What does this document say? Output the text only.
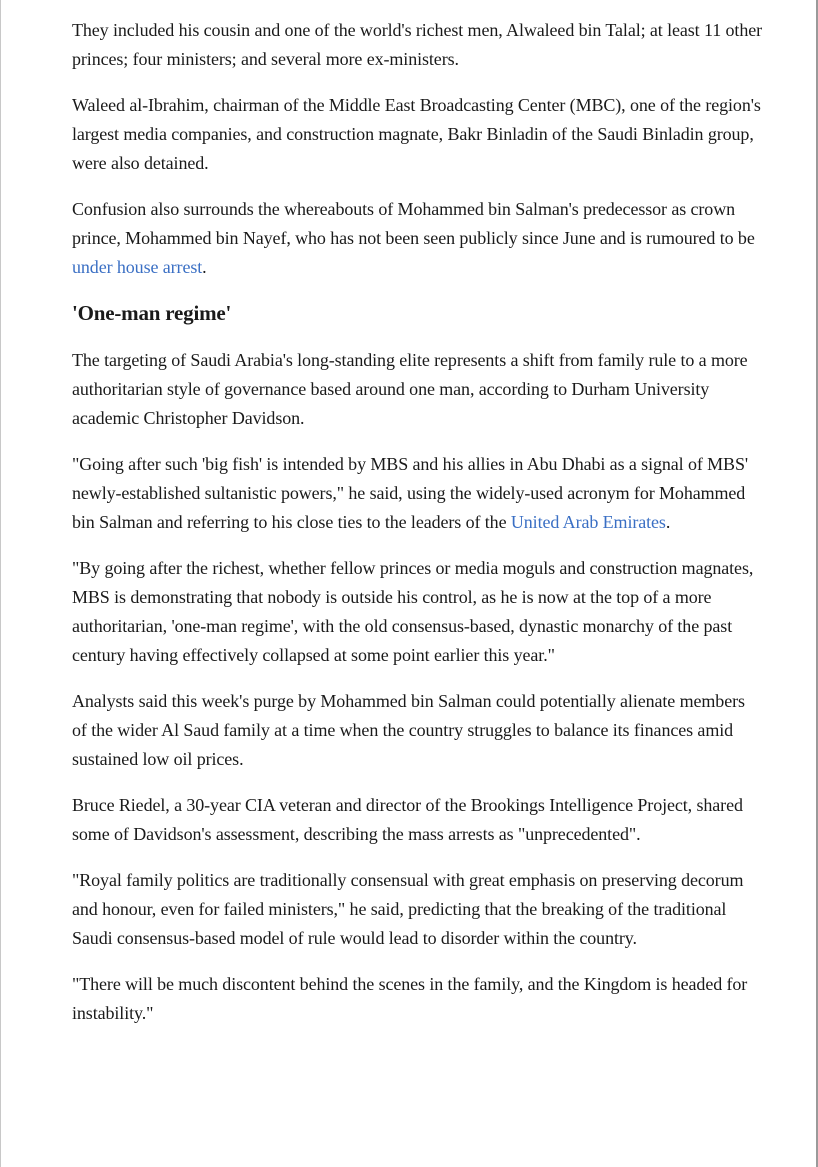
They included his cousin and one of the world's richest men, Alwaleed bin Talal; at least 11 other princes; four ministers; and several more ex-ministers.

Waleed al-Ibrahim, chairman of the Middle East Broadcasting Center (MBC), one of the region's largest media companies, and construction magnate, Bakr Binladin of the Saudi Binladin group, were also detained.

Confusion also surrounds the whereabouts of Mohammed bin Salman's predecessor as crown prince, Mohammed bin Nayef, who has not been seen publicly since June and is rumoured to be under house arrest.

'One-man regime'

The targeting of Saudi Arabia's long-standing elite represents a shift from family rule to a more authoritarian style of governance based around one man, according to Durham University academic Christopher Davidson.

"Going after such 'big fish' is intended by MBS and his allies in Abu Dhabi as a signal of MBS' newly-established sultanistic powers," he said, using the widely-used acronym for Mohammed bin Salman and referring to his close ties to the leaders of the United Arab Emirates.

"By going after the richest, whether fellow princes or media moguls and construction magnates, MBS is demonstrating that nobody is outside his control, as he is now at the top of a more authoritarian, 'one-man regime', with the old consensus-based, dynastic monarchy of the past century having effectively collapsed at some point earlier this year."

Analysts said this week's purge by Mohammed bin Salman could potentially alienate members of the wider Al Saud family at a time when the country struggles to balance its finances amid sustained low oil prices.

Bruce Riedel, a 30-year CIA veteran and director of the Brookings Intelligence Project, shared some of Davidson's assessment, describing the mass arrests as "unprecedented".

"Royal family politics are traditionally consensual with great emphasis on preserving decorum and honour, even for failed ministers," he said, predicting that the breaking of the traditional Saudi consensus-based model of rule would lead to disorder within the country.

"There will be much discontent behind the scenes in the family, and the Kingdom is headed for instability."
